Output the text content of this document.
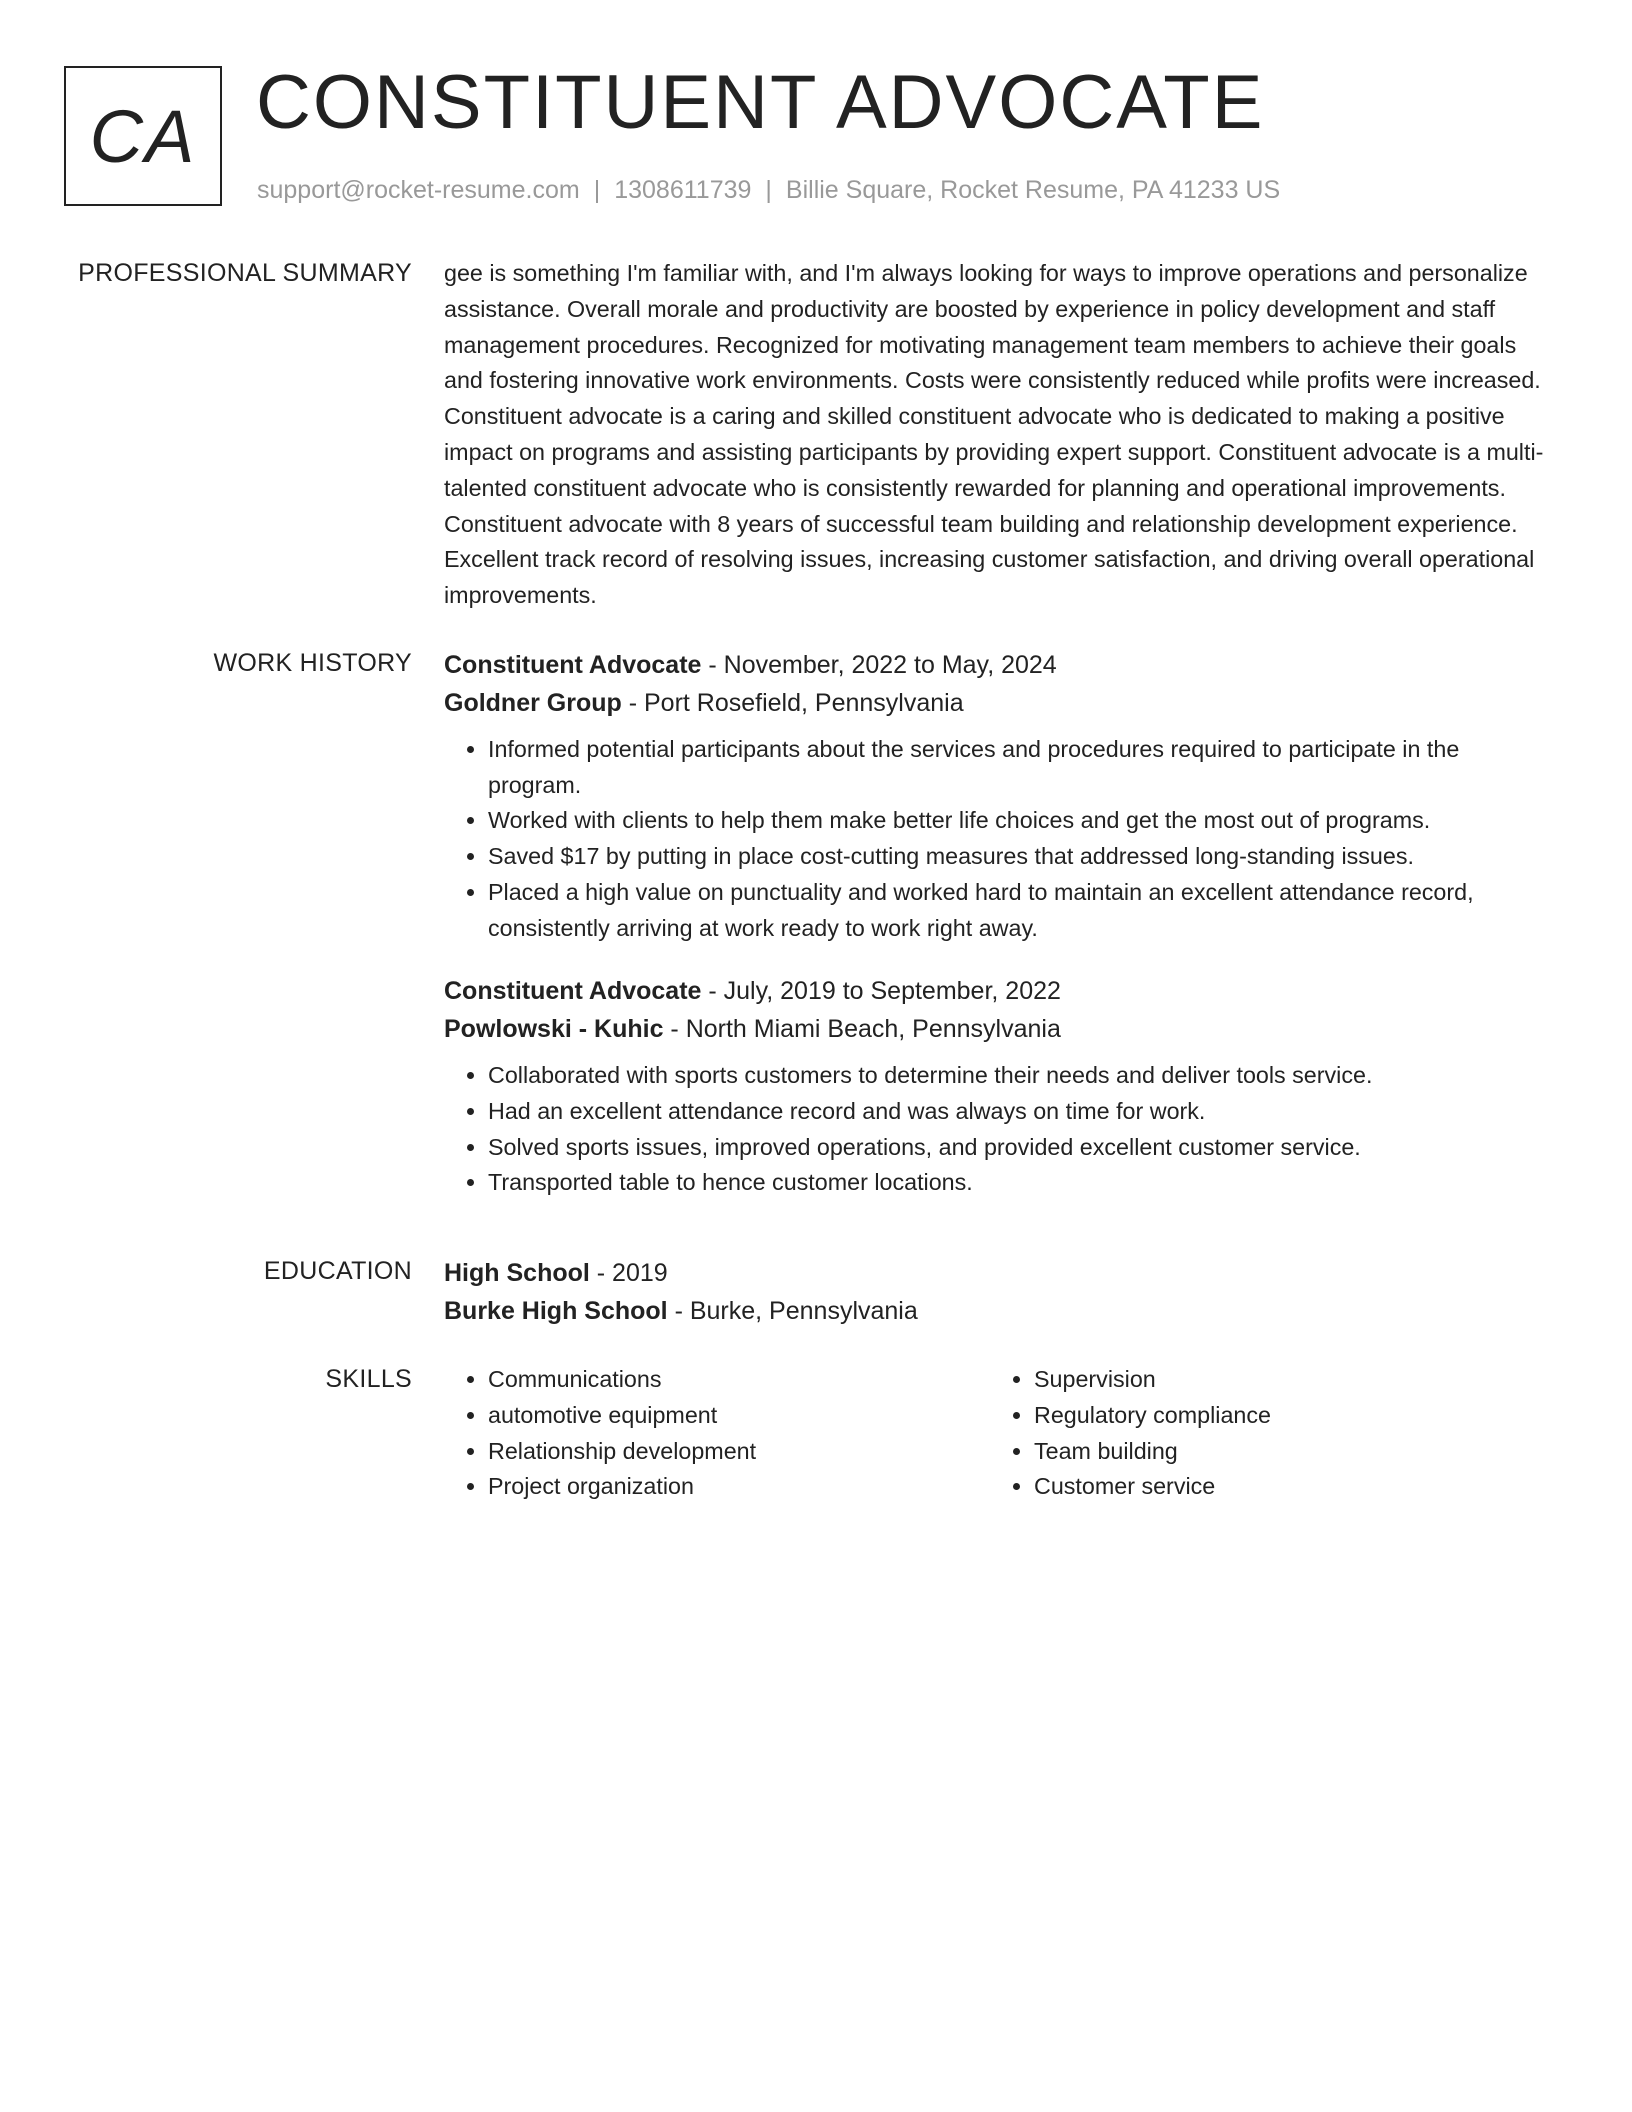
CA CONSTITUENT ADVOCATE
support@rocket-resume.com | 1308611739 | Billie Square, Rocket Resume, PA 41233 US
PROFESSIONAL SUMMARY gee is something I'm familiar with, and I'm always looking for ways to improve operations and personalize assistance. Overall morale and productivity are boosted by experience in policy development and staff management procedures. Recognized for motivating management team members to achieve their goals and fostering innovative work environments. Costs were consistently reduced while profits were increased. Constituent advocate is a caring and skilled constituent advocate who is dedicated to making a positive impact on programs and assisting participants by providing expert support. Constituent advocate is a multi-talented constituent advocate who is consistently rewarded for planning and operational improvements. Constituent advocate with 8 years of successful team building and relationship development experience. Excellent track record of resolving issues, increasing customer satisfaction, and driving overall operational improvements.

WORK HISTORY Constituent Advocate - November, 2022 to May, 2024
Goldner Group - Port Rosefield, Pennsylvania
• Informed potential participants about the services and procedures required to participate in the program.
• Worked with clients to help them make better life choices and get the most out of programs.
• Saved $17 by putting in place cost-cutting measures that addressed long-standing issues.
• Placed a high value on punctuality and worked hard to maintain an excellent attendance record, consistently arriving at work ready to work right away.
Constituent Advocate - July, 2019 to September, 2022
Powlowski - Kuhic - North Miami Beach, Pennsylvania
• Collaborated with sports customers to determine their needs and deliver tools service.
• Had an excellent attendance record and was always on time for work.
• Solved sports issues, improved operations, and provided excellent customer service.
• Transported table to hence customer locations.
EDUCATION High School - 2019
Burke High School - Burke, Pennsylvania
SKILLS
•	Communications
• automotive equipment
• Relationship development
• Project organization
• Supervision
• Regulatory compliance
• Team building
• Customer service
